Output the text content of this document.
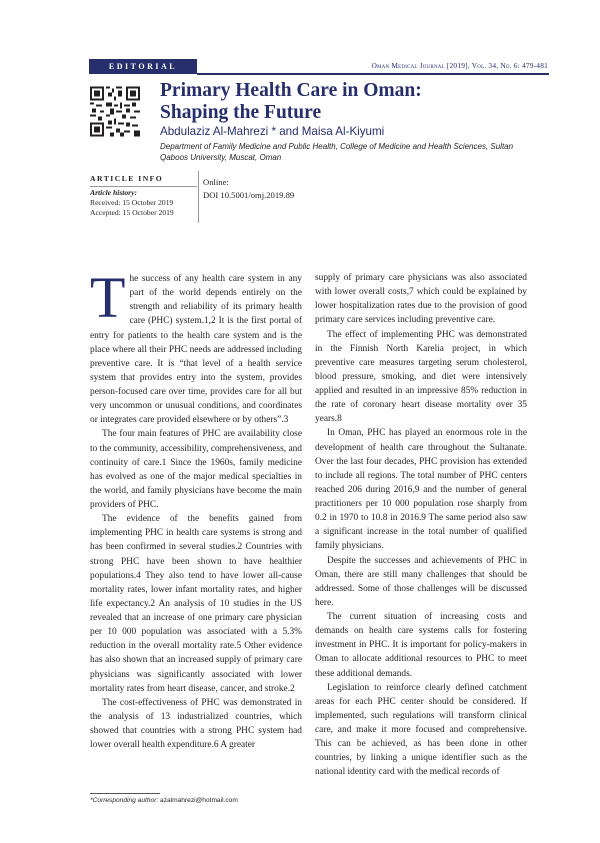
EDITORIAL	Oman Medical Journal [2019], Vol. 34, No. 6: 479-481
Primary Health Care in Oman: Shaping the Future
Abdulaziz Al-Mahrezi * and Maisa Al-Kiyumi
Department of Family Medicine and Public Health, College of Medicine and Health Sciences, Sultan Qaboos University, Muscat, Oman
ARTICLE INFO
Article history:
Received: 15 October 2019
Accepted: 15 October 2019
Online:
DOI 10.5001/omj.2019.89

The success of any health care system in any part of the world depends entirely on the strength and reliability of its primary health care (PHC) system.1,2 It is the first portal of entry for patients to the health care system and is the place where all their PHC needs are addressed including preventive care. It is “that level of a health service system that provides entry into the system, provides person-focused care over time, provides care for all but very uncommon or unusual conditions, and coordinates or integrates care provided elsewhere or by others”.3

The four main features of PHC are availability close to the community, accessibility, comprehensiveness, and continuity of care.1 Since the 1960s, family medicine has evolved as one of the major medical specialties in the world, and family physicians have become the main providers of PHC.

The evidence of the benefits gained from implementing PHC in health care systems is strong and has been confirmed in several studies.2 Countries with strong PHC have been shown to have healthier populations.4 They also tend to have lower all-cause mortality rates, lower infant mortality rates, and higher life expectancy.2 An analysis of 10 studies in the US revealed that an increase of one primary care physician per 10 000 population was associated with a 5.3% reduction in the overall mortality rate.5 Other evidence has also shown that an increased supply of primary care physicians was significantly associated with lower mortality rates from heart disease, cancer, and stroke.2

The cost-effectiveness of PHC was demonstrated in the analysis of 13 industrialized countries, which showed that countries with a strong PHC system had lower overall health expenditure.6 A greater

supply of primary care physicians was also associated with lower overall costs,7 which could be explained by lower hospitalization rates due to the provision of good primary care services including preventive care.

The effect of implementing PHC was demonstrated in the Finnish North Karelia project, in which preventive care measures targeting serum cholesterol, blood pressure, smoking, and diet were intensively applied and resulted in an impressive 85% reduction in the rate of coronary heart disease mortality over 35 years.8

In Oman, PHC has played an enormous role in the development of health care throughout the Sultanate. Over the last four decades, PHC provision has extended to include all regions. The total number of PHC centers reached 206 during 2016,9 and the number of general practitioners per 10 000 population rose sharply from 0.2 in 1970 to 10.8 in 2016.9 The same period also saw a significant increase in the total number of qualified family physicians.

Despite the successes and achievements of PHC in Oman, there are still many challenges that should be addressed. Some of those challenges will be discussed here.

The current situation of increasing costs and demands on health care systems calls for fostering investment in PHC. It is important for policy-makers in Oman to allocate additional resources to PHC to meet these additional demands.

Legislation to reinforce clearly defined catchment areas for each PHC center should be considered. If implemented, such regulations will transform clinical care, and make it more focused and comprehensive. This can be achieved, as has been done in other countries, by linking a unique identifier such as the national identity card with the medical records of

*Corresponding author: azalmahrezi@hotmail.com
